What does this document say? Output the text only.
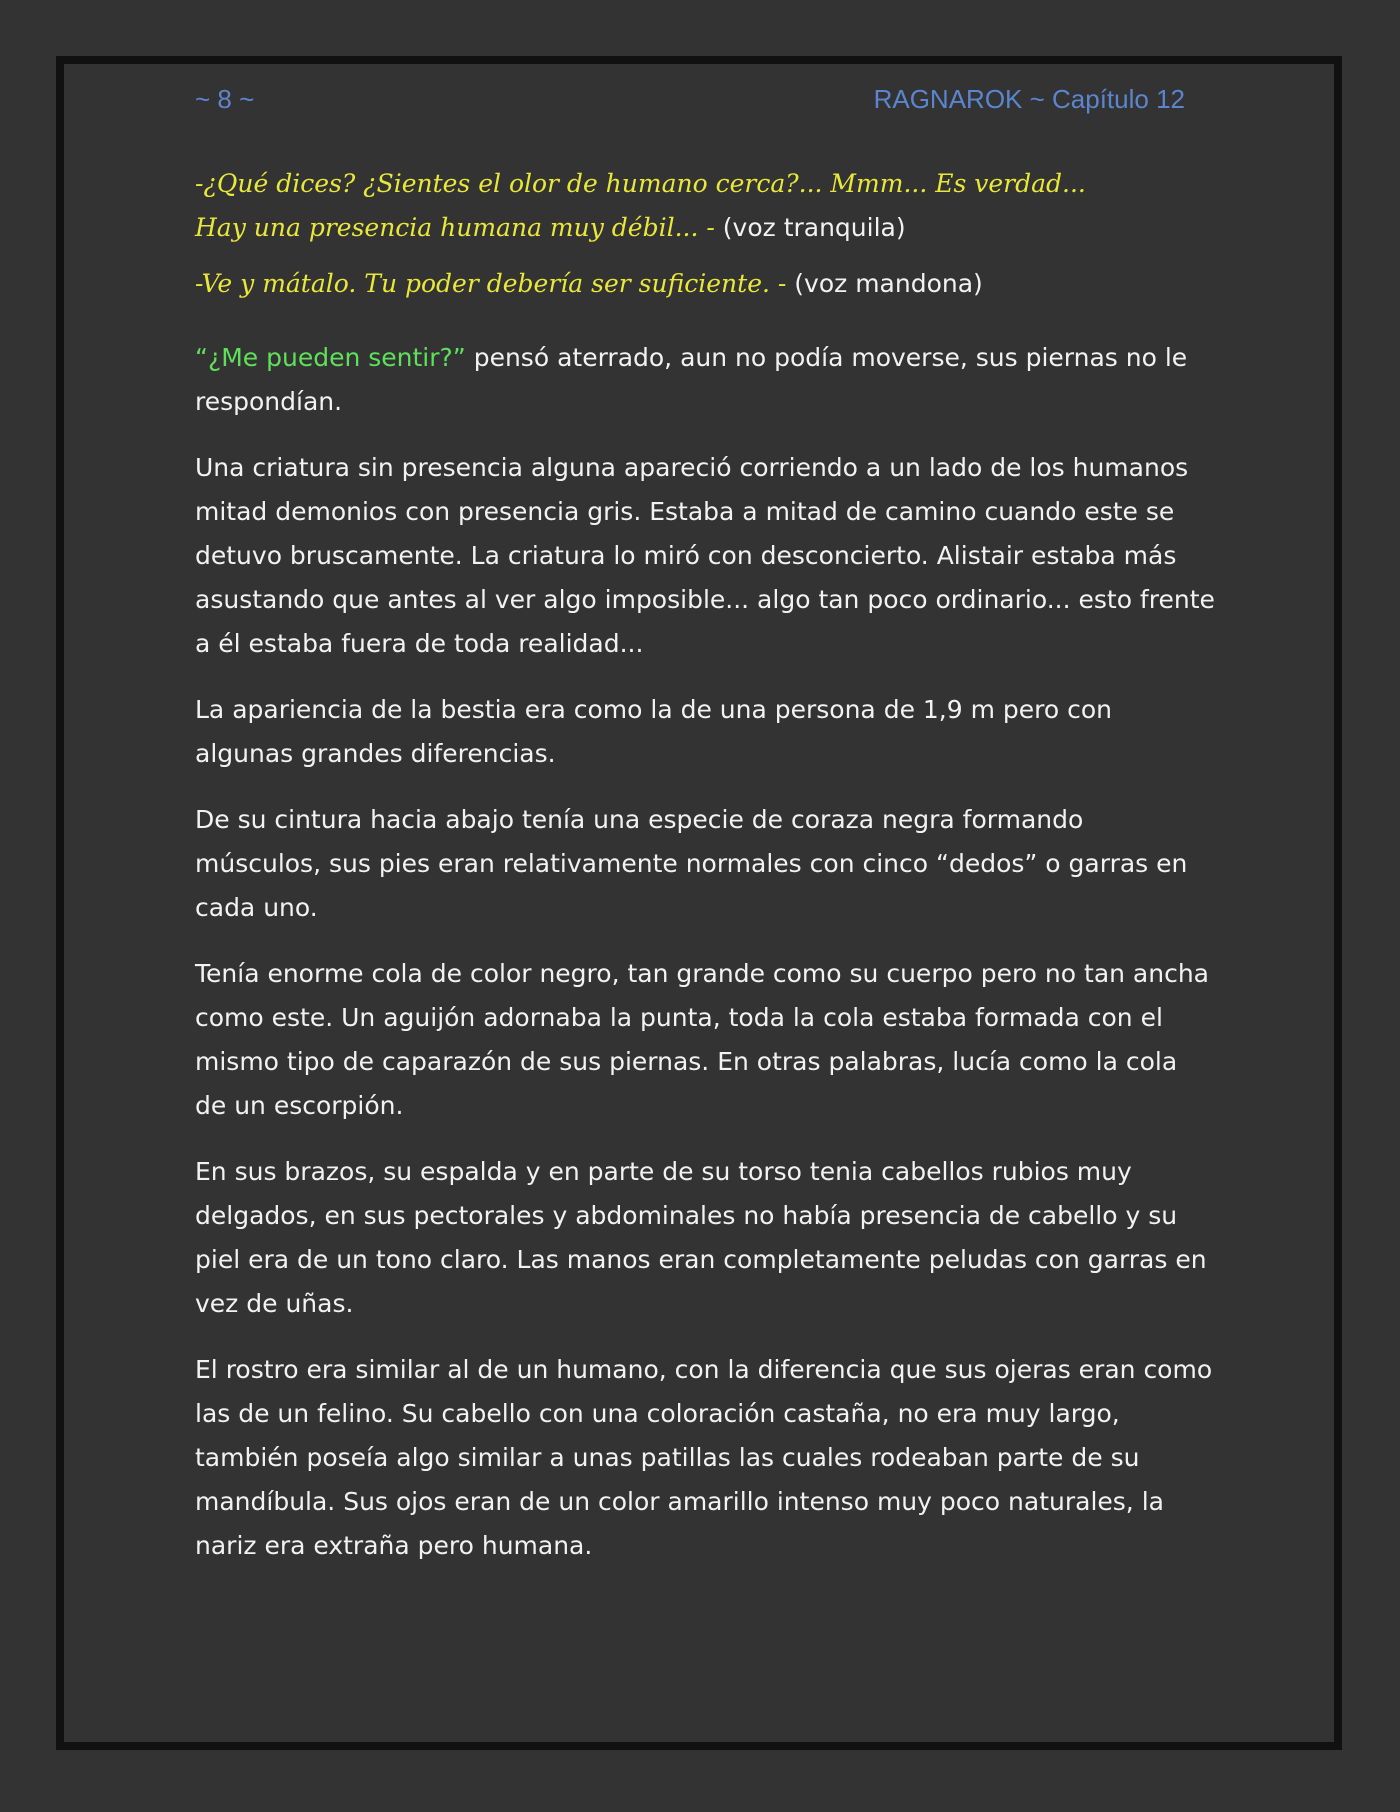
~ 8 ~	RAGNAROK ~ Capítulo 12

-¿Qué dices? ¿Sientes el olor de humano cerca?... Mmm... Es verdad...
Hay una presencia humana muy débil... - (voz tranquila)

-Ve y mátalo. Tu poder debería ser suficiente. - (voz mandona)

“¿Me pueden sentir?” pensó aterrado, aun no podía moverse, sus piernas no le respondían.

Una criatura sin presencia alguna apareció corriendo a un lado de los humanos mitad demonios con presencia gris. Estaba a mitad de camino cuando este se detuvo bruscamente. La criatura lo miró con desconcierto. Alistair estaba más asustando que antes al ver algo imposible... algo tan poco ordinario... esto frente a él estaba fuera de toda realidad...

La apariencia de la bestia era como la de una persona de 1,9 m pero con algunas grandes diferencias.

De su cintura hacia abajo tenía una especie de coraza negra formando músculos, sus pies eran relativamente normales con cinco “dedos” o garras en cada uno.

Tenía enorme cola de color negro, tan grande como su cuerpo pero no tan ancha como este. Un aguijón adornaba la punta, toda la cola estaba formada con el mismo tipo de caparazón de sus piernas. En otras palabras, lucía como la cola de un escorpión.

En sus brazos, su espalda y en parte de su torso tenia cabellos rubios muy delgados, en sus pectorales y abdominales no había presencia de cabello y su piel era de un tono claro. Las manos eran completamente peludas con garras en vez de uñas.

El rostro era similar al de un humano, con la diferencia que sus ojeras eran como las de un felino. Su cabello con una coloración castaña, no era muy largo, también poseía algo similar a unas patillas las cuales rodeaban parte de su mandíbula. Sus ojos eran de un color amarillo intenso muy poco naturales, la nariz era extraña pero humana.
